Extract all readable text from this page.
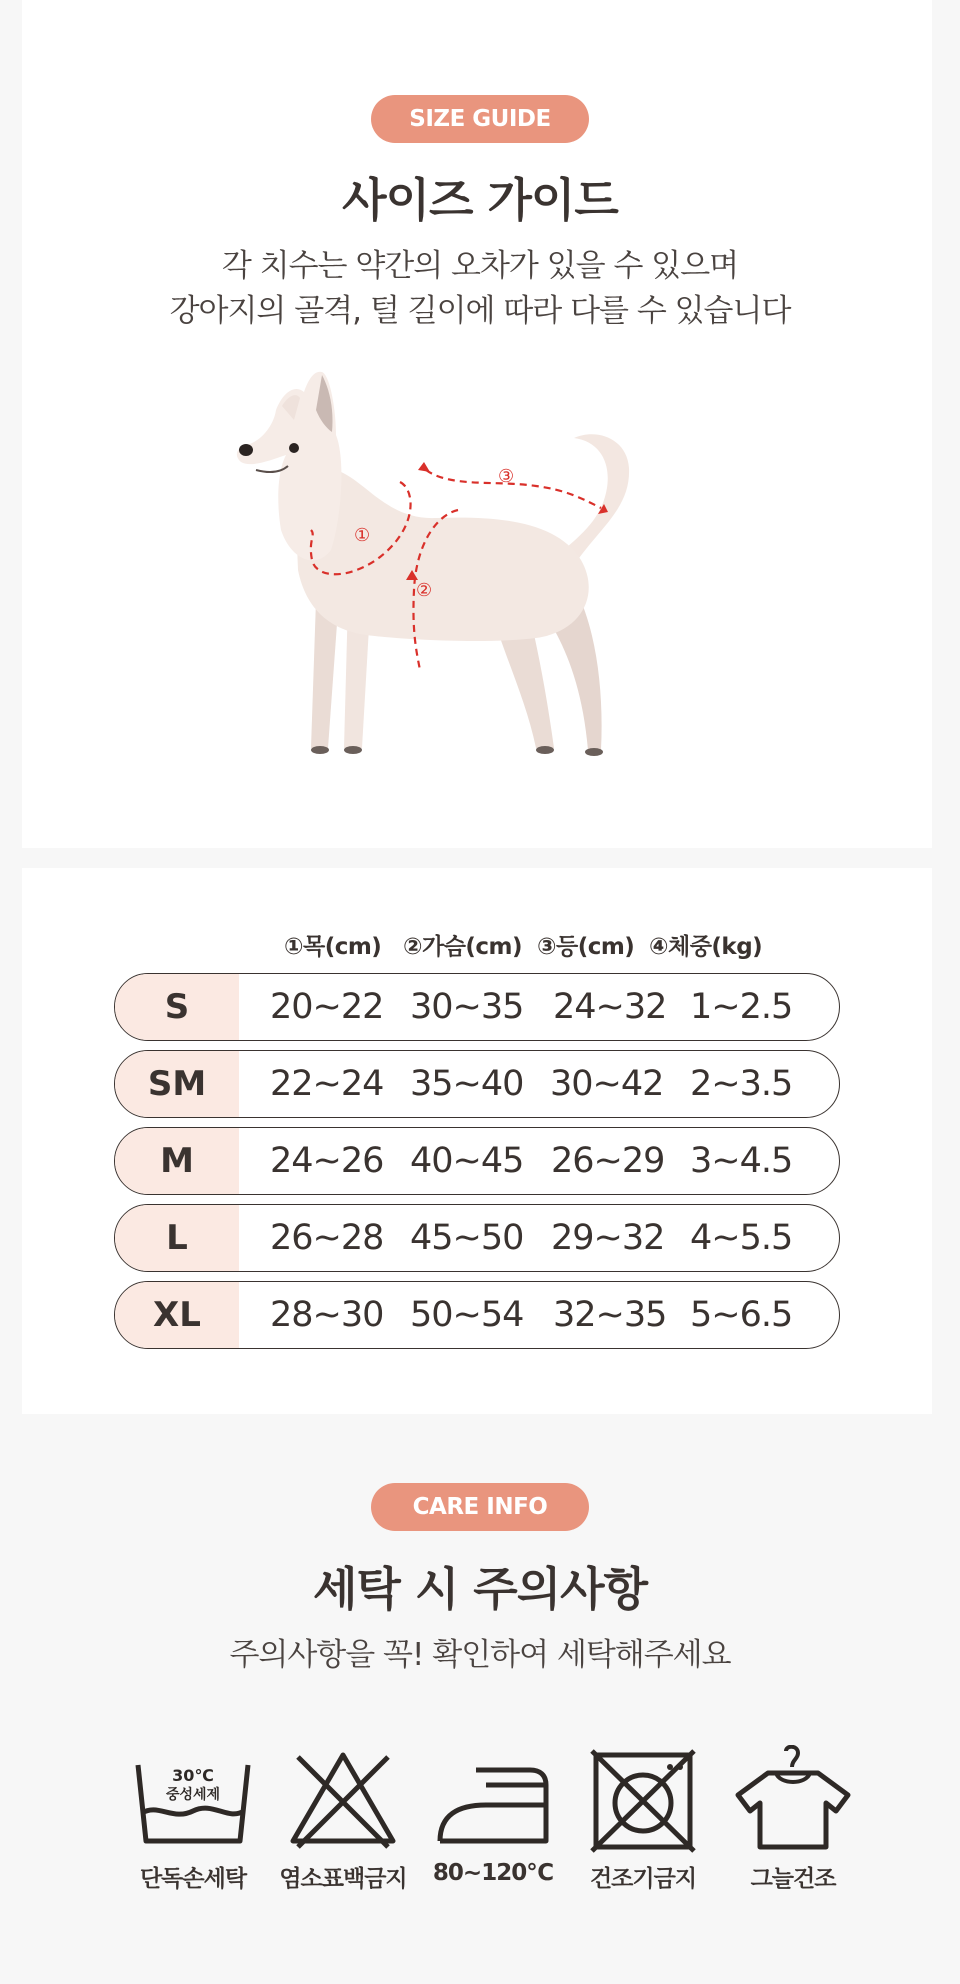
SIZE GUIDE
사이즈 가이드
각 치수는 약간의 오차가 있을 수 있으며
강아지의 골격, 털 길이에 따라 다를 수 있습니다
①
②
③
①목(cm) ②가슴(cm) ③등(cm) ④체중(kg)
S	20~22 30~35 24~32 1~2.5
SM	22~24 35~40 30~42 2~3.5
M	24~26 40~45 26~29 3~4.5
L	26~28 45~50 29~32 4~5.5
XL	28~30 50~54 32~35 5~6.5
CARE INFO
세탁 시 주의사항
주의사항을 꼭! 확인하여 세탁해주세요
30℃
중성세제
단독손세탁	염소표백금지	80~120℃	건조기금지	그늘건조
